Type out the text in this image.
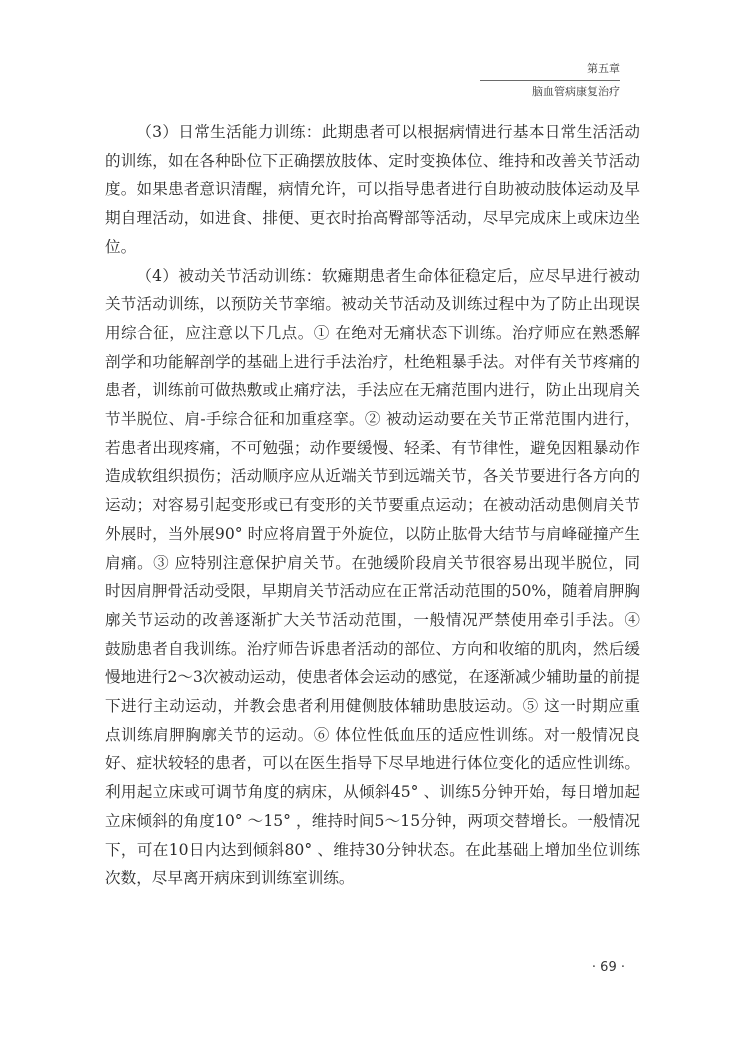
第五章
脑血管病康复治疗

（3）日常生活能力训练：此期患者可以根据病情进行基本日常生活活动的训练，如在各种卧位下正确摆放肢体、定时变换体位、维持和改善关节活动度。如果患者意识清醒，病情允许，可以指导患者进行自助被动肢体运动及早期自理活动，如进食、排便、更衣时抬高臀部等活动，尽早完成床上或床边坐位。

（4）被动关节活动训练：软瘫期患者生命体征稳定后，应尽早进行被动关节活动训练，以预防关节挛缩。被动关节活动及训练过程中为了防止出现误用综合征，应注意以下几点。① 在绝对无痛状态下训练。治疗师应在熟悉解剖学和功能解剖学的基础上进行手法治疗，杜绝粗暴手法。对伴有关节疼痛的患者，训练前可做热敷或止痛疗法，手法应在无痛范围内进行，防止出现肩关节半脱位、肩-手综合征和加重痉挛。② 被动运动要在关节正常范围内进行，若患者出现疼痛，不可勉强；动作要缓慢、轻柔、有节律性，避免因粗暴动作造成软组织损伤；活动顺序应从近端关节到远端关节，各关节要进行各方向的运动；对容易引起变形或已有变形的关节要重点运动；在被动活动患侧肩关节外展时，当外展90° 时应将肩置于外旋位，以防止肱骨大结节与肩峰碰撞产生肩痛。③ 应特别注意保护肩关节。在弛缓阶段肩关节很容易出现半脱位，同时因肩胛骨活动受限，早期肩关节活动应在正常活动范围的50%，随着肩胛胸廓关节运动的改善逐渐扩大关节活动范围，一般情况严禁使用牵引手法。④ 鼓励患者自我训练。治疗师告诉患者活动的部位、方向和收缩的肌肉，然后缓慢地进行2～3次被动运动，使患者体会运动的感觉，在逐渐减少辅助量的前提下进行主动运动，并教会患者利用健侧肢体辅助患肢运动。⑤ 这一时期应重点训练肩胛胸廓关节的运动。⑥ 体位性低血压的适应性训练。对一般情况良好、症状较轻的患者，可以在医生指导下尽早地进行体位变化的适应性训练。利用起立床或可调节角度的病床，从倾斜45° 、训练5分钟开始，每日增加起立床倾斜的角度10° ～15° ，维持时间5～15分钟，两项交替增长。一般情况下，可在10日内达到倾斜80° 、维持30分钟状态。在此基础上增加坐位训练次数，尽早离开病床到训练室训练。

· 69 ·
